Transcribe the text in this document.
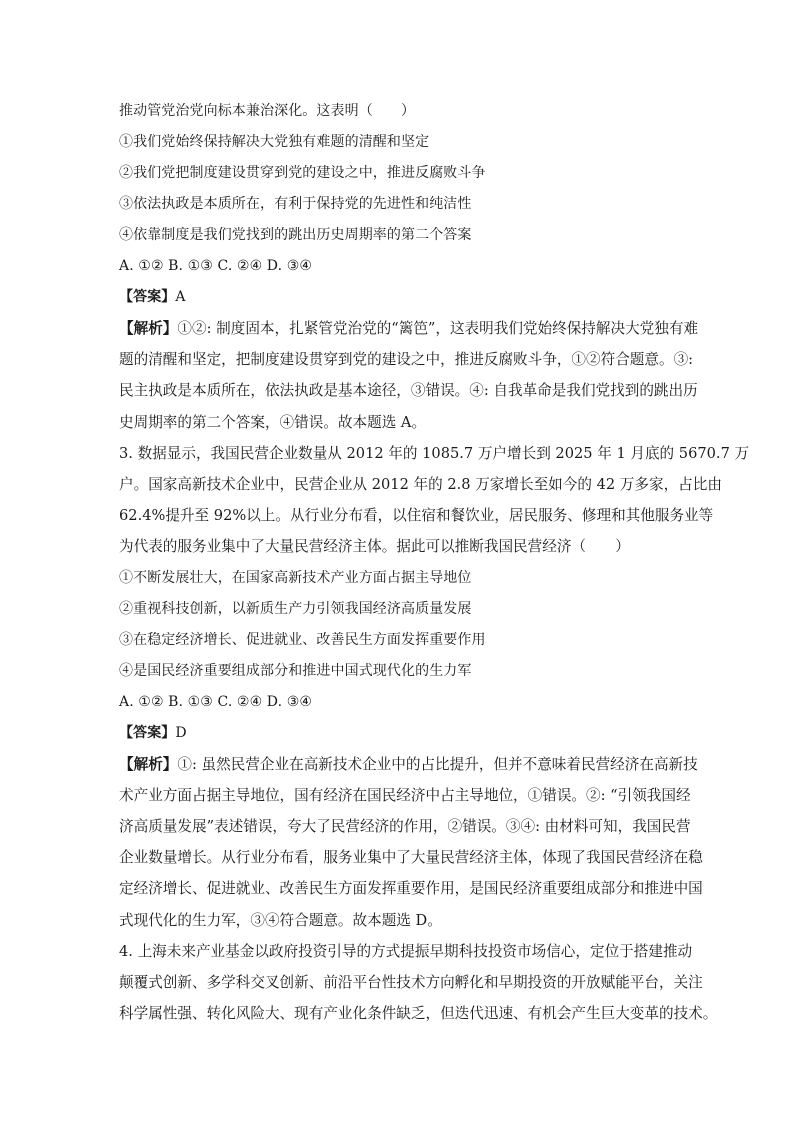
推动管党治党向标本兼治深化。这表明（　　）
①我们党始终保持解决大党独有难题的清醒和坚定
②我们党把制度建设贯穿到党的建设之中，推进反腐败斗争
③依法执政是本质所在，有利于保持党的先进性和纯洁性
④依靠制度是我们党找到的跳出历史周期率的第二个答案
A. ①② B. ①③ C. ②④ D. ③④
【答案】A
【解析】①②: 制度固本，扎紧管党治党的“篱笆”，这表明我们党始终保持解决大党独有难
题的清醒和坚定，把制度建设贯穿到党的建设之中，推进反腐败斗争，①②符合题意。③:
民主执政是本质所在，依法执政是基本途径，③错误。④: 自我革命是我们党找到的跳出历
史周期率的第二个答案，④错误。故本题选 A。
3. 数据显示，我国民营企业数量从 2012 年的 1085.7 万户增长到 2025 年 1 月底的 5670.7 万
户。国家高新技术企业中，民营企业从 2012 年的 2.8 万家增长至如今的 42 万多家，占比由
62.4%提升至 92%以上。从行业分布看，以住宿和餐饮业，居民服务、修理和其他服务业等
为代表的服务业集中了大量民营经济主体。据此可以推断我国民营经济（　　）
①不断发展壮大，在国家高新技术产业方面占据主导地位
②重视科技创新，以新质生产力引领我国经济高质量发展
③在稳定经济增长、促进就业、改善民生方面发挥重要作用
④是国民经济重要组成部分和推进中国式现代化的生力军
A. ①② B. ①③ C. ②④ D. ③④
【答案】D
【解析】①: 虽然民营企业在高新技术企业中的占比提升，但并不意味着民营经济在高新技
术产业方面占据主导地位，国有经济在国民经济中占主导地位，①错误。②: “引领我国经
济高质量发展”表述错误，夸大了民营经济的作用，②错误。③④: 由材料可知，我国民营
企业数量增长。从行业分布看，服务业集中了大量民营经济主体，体现了我国民营经济在稳
定经济增长、促进就业、改善民生方面发挥重要作用，是国民经济重要组成部分和推进中国
式现代化的生力军，③④符合题意。故本题选 D。
4. 上海未来产业基金以政府投资引导的方式提振早期科技投资市场信心，定位于搭建推动
颠覆式创新、多学科交叉创新、前沿平台性技术方向孵化和早期投资的开放赋能平台，关注
科学属性强、转化风险大、现有产业化条件缺乏，但迭代迅速、有机会产生巨大变革的技术。
